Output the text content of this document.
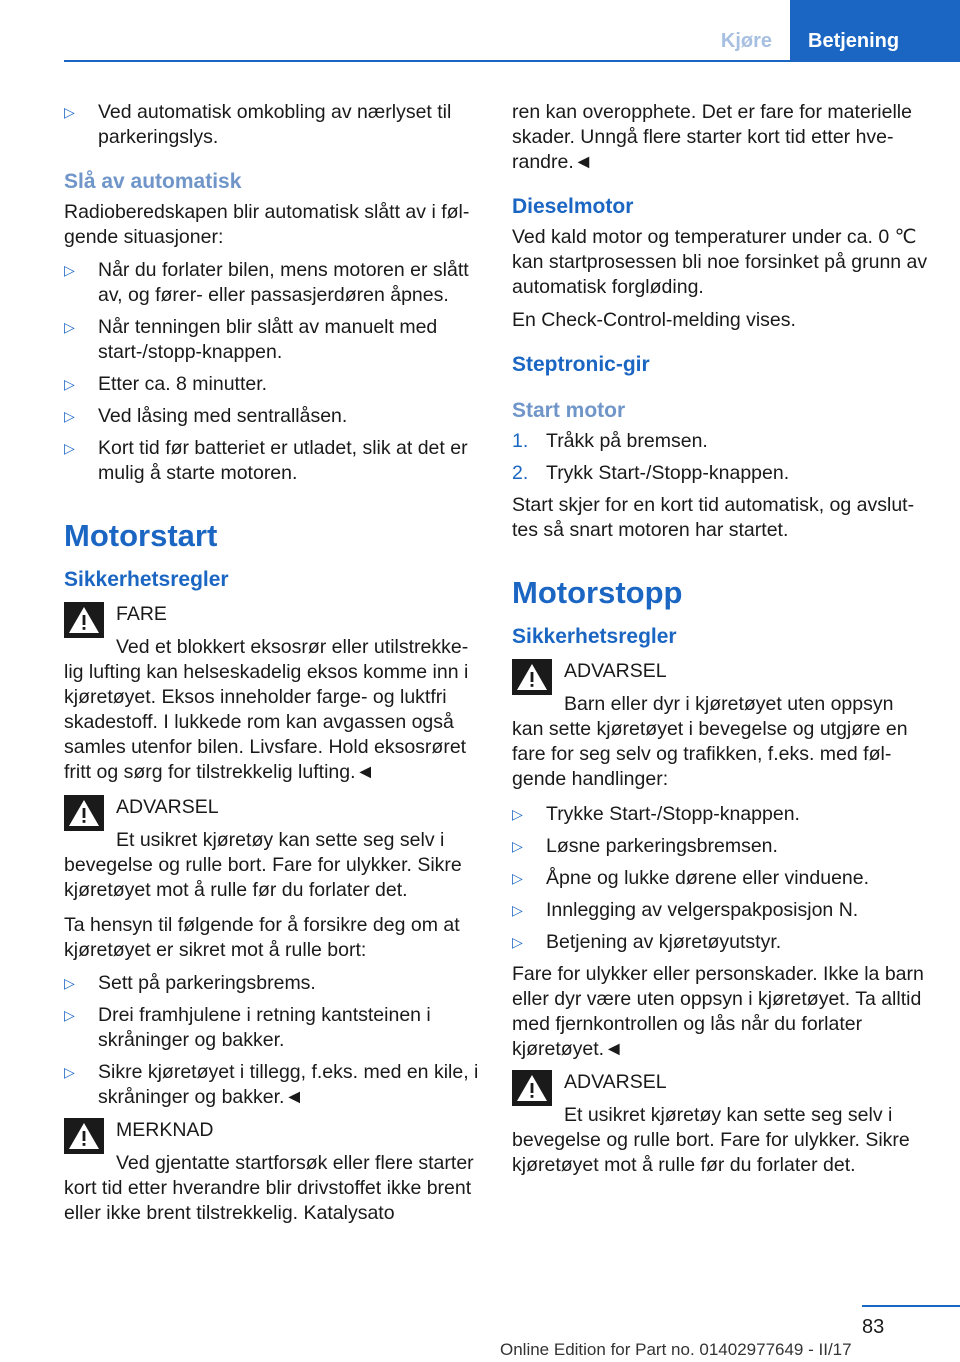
Kjøre	Betjening
▷ Ved automatisk omkobling av nærlyset til parkeringslys.
Slå av automatisk

Radioberedskapen blir automatisk slått av i følgende situasjoner:

▷ Når du forlater bilen, mens motoren er slått av, og fører- eller passasjerdøren åpnes.
▷ Når tenningen blir slått av manuelt med start-/stopp-knappen.
▷ Etter ca. 8 minutter.
▷ Ved låsing med sentrallåsen.
▷ Kort tid før batteriet er utladet, slik at det er mulig å starte motoren.
Motorstart
Sikkerhetsregler
FARE

Ved et blokkert eksosrør eller utilstrekkelig lufting kan helseskadelig eksos komme inn i kjøretøyet. Eksos inneholder farge- og luktfri skadestoff. I lukkede rom kan avgassen også samles utenfor bilen. Livsfare. Hold eksosrøret fritt og sørg for tilstrekkelig lufting.◄

ADVARSEL

Et usikret kjøretøy kan sette seg selv i bevegelse og rulle bort. Fare for ulykker. Sikre kjøretøyet mot å rulle før du forlater det.

Ta hensyn til følgende for å forsikre deg om at kjøretøyet er sikret mot å rulle bort:

▷ Sett på parkeringsbrems.
▷ Drei framhjulene i retning kantsteinen i skråninger og bakker.
▷ Sikre kjøretøyet i tillegg, f.eks. med en kile, i skråninger og bakker.◄
MERKNAD

Ved gjentatte startforsøk eller flere starter kort tid etter hverandre blir drivstoffet ikke brent eller ikke brent tilstrekkelig. Katalysato

ren kan overopphete. Det er fare for materielle skader. Unngå flere starter kort tid etter hverandre.◄

Dieselmotor

Ved kald motor og temperaturer under ca. 0 ℃ kan startprosessen bli noe forsinket på grunn av automatisk forgløding.

En Check-Control-melding vises.

Steptronic-gir
Start motor
1. Tråkk på bremsen.
2. Trykk Start-/Stopp-knappen.

Start skjer for en kort tid automatisk, og avsluttes så snart motoren har startet.

Motorstopp
Sikkerhetsregler
ADVARSEL

Barn eller dyr i kjøretøyet uten oppsyn kan sette kjøretøyet i bevegelse og utgjøre en fare for seg selv og trafikken, f.eks. med følgende handlinger:

▷ Trykke Start-/Stopp-knappen.
▷ Løsne parkeringsbremsen.
▷ Åpne og lukke dørene eller vinduene.
▷ Innlegging av velgerspakposisjon N.
▷ Betjening av kjøretøyutstyr.

Fare for ulykker eller personskader. Ikke la barn eller dyr være uten oppsyn i kjøretøyet. Ta alltid med fjernkontrollen og lås når du forlater kjøretøyet.◄

ADVARSEL

Et usikret kjøretøy kan sette seg selv i bevegelse og rulle bort. Fare for ulykker. Sikre kjøretøyet mot å rulle før du forlater det.

83
Online Edition for Part no. 01402977649 - II/17
